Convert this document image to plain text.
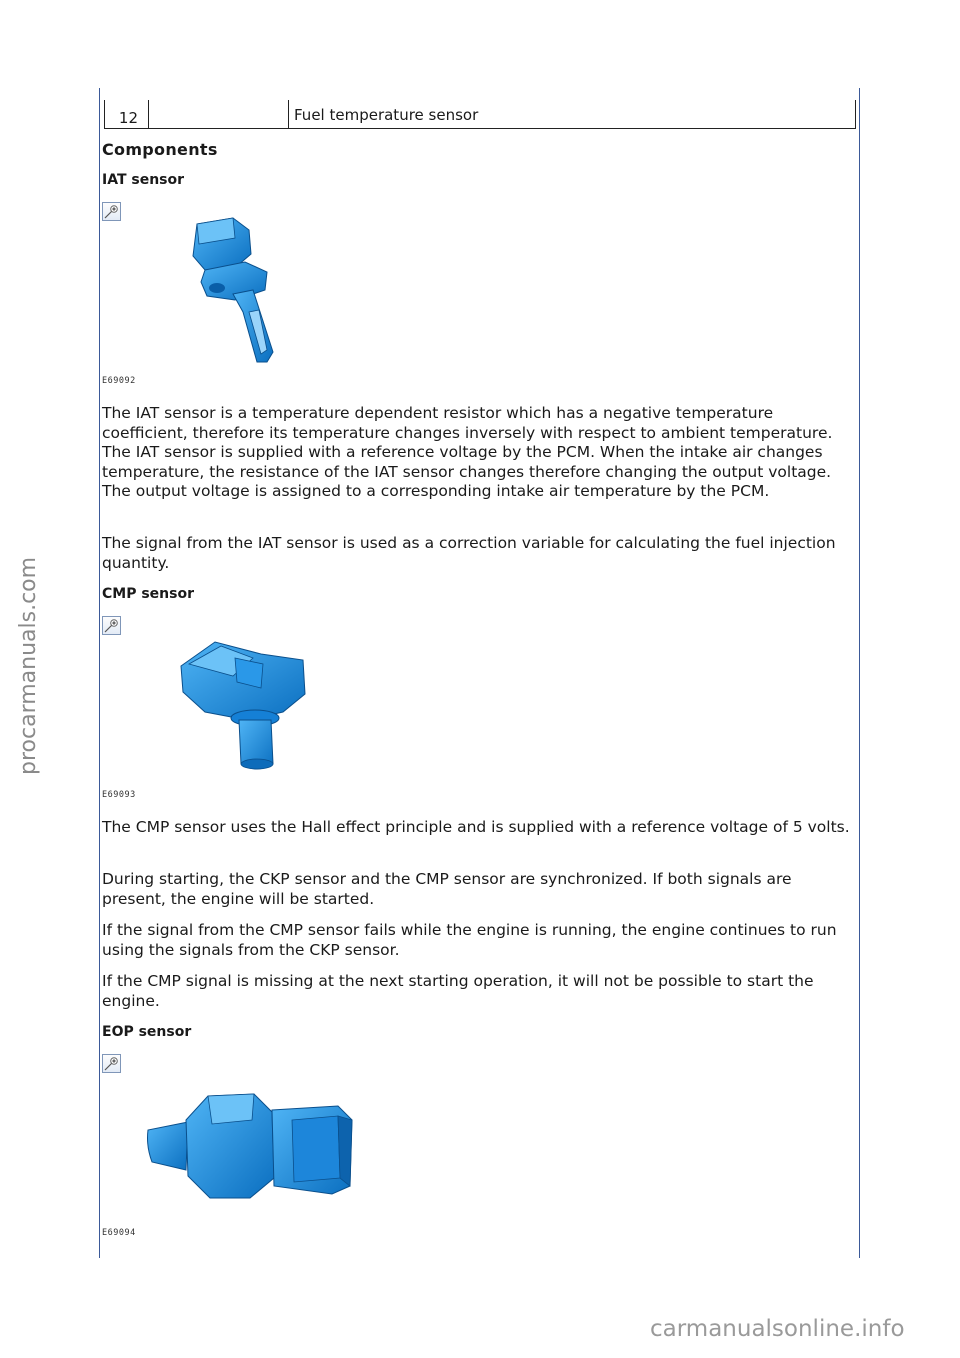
12	Fuel temperature sensor
Components
IAT sensor
E69092

The IAT sensor is a temperature dependent resistor which has a negative temperature coefficient, therefore its temperature changes inversely with respect to ambient temperature. The IAT sensor is supplied with a reference voltage by the PCM. When the intake air changes temperature, the resistance of the IAT sensor changes therefore changing the output voltage. The output voltage is assigned to a corresponding intake air temperature by the PCM.

The signal from the IAT sensor is used as a correction variable for calculating the fuel injection quantity.

CMP sensor
E69093

The CMP sensor uses the Hall effect principle and is supplied with a reference voltage of 5 volts.

During starting, the CKP sensor and the CMP sensor are synchronized. If both signals are present, the engine will be started.

If the signal from the CMP sensor fails while the engine is running, the engine continues to run using the signals from the CKP sensor.

If the CMP signal is missing at the next starting operation, it will not be possible to start the engine.

EOP sensor
E69094
procarmanuals.com
carmanualsonline.info
